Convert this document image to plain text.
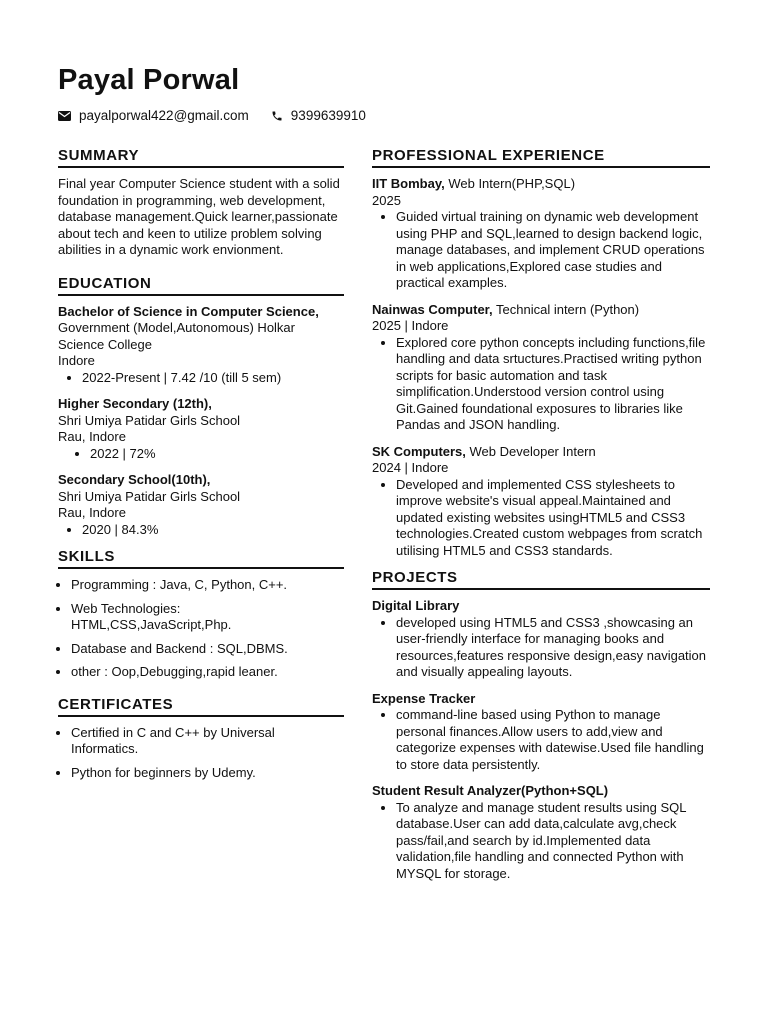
Payal Porwal
payalporwal422@gmail.com	9399639910
SUMMARY

Final year Computer Science student with a solid foundation in programming, web development, database management.Quick learner,passionate about tech and keen to utilize problem solving abilities in a dynamic work envionment.

EDUCATION
Bachelor of Science in Computer Science, Government (Model,Autonomous) Holkar Science College
Indore
• 2022-Present | 7.42 /10 (till 5 sem)
Higher Secondary (12th),
Shri Umiya Patidar Girls School
Rau, Indore
• 2022 | 72%
Secondary School(10th),
Shri Umiya Patidar Girls School
Rau, Indore
• 2020 | 84.3%
SKILLS
• Programming : Java, C, Python, C++.
• Web Technologies: HTML,CSS,JavaScript,Php.
• Database and Backend : SQL,DBMS.
• other : Oop,Debugging,rapid leaner.
CERTIFICATES
• Certified in C and C++ by Universal Informatics.
• Python for beginners by Udemy.
PROFESSIONAL EXPERIENCE
IIT Bombay, Web Intern(PHP,SQL)
2025
• Guided virtual training on dynamic web development using PHP and SQL,learned to design backend logic, manage databases, and implement CRUD operations in web applications,Explored case studies and practical examples.
Nainwas Computer, Technical intern (Python)
2025 | Indore
• Explored core python concepts including functions,file handling and data srtuctures.Practised writing python scripts for basic automation and task simplification.Understood version control using Git.Gained foundational exposures to libraries like Pandas and JSON handling.
SK Computers, Web Developer Intern
2024 | Indore
• Developed and implemented CSS stylesheets to improve website's visual appeal.Maintained and updated existing websites usingHTML5 and CSS3 technologies.Created custom webpages from scratch utilising HTML5 and CSS3 standards.
PROJECTS
Digital Library
• developed using HTML5 and CSS3 ,showcasing an user-friendly interface for managing books and resources,features responsive design,easy navigation and visually appealing layouts.
Expense Tracker
• command-line based using Python to manage personal finances.Allow users to add,view and categorize expenses with datewise.Used file handling to store data persistently.
Student Result Analyzer(Python+SQL)
• To analyze and manage student results using SQL database.User can add data,calculate avg,check pass/fail,and search by id.Implemented data validation,file handling and connected Python with MYSQL for storage.
